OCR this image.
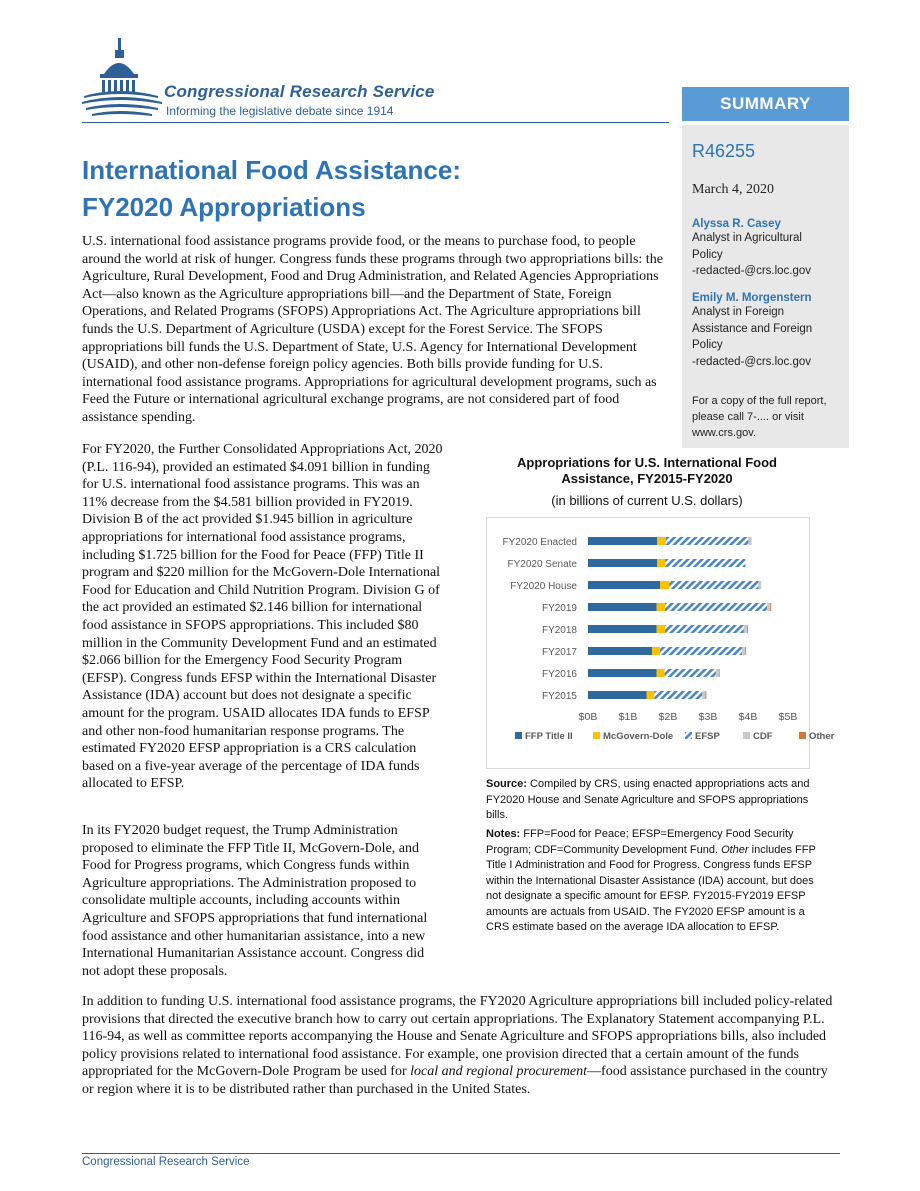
Congressional Research Service
Informing the legislative debate since 1914	SUMMARY
R46255
March 4, 2020
Alyssa R. Casey
Analyst in Agricultural
Policy
-redacted-@crs.loc.gov
Emily M. Morgenstern
Analyst in Foreign
Assistance and Foreign
Policy
-redacted-@crs.loc.gov
For a copy of the full report, please call 7-.... or visit www.crs.gov.
International Food Assistance:
FY2020 Appropriations
U.S. international food assistance programs provide food, or the means to purchase food, to people around the world at risk of hunger. Congress funds these programs through two appropriations bills: the Agriculture, Rural Development, Food and Drug Administration, and Related Agencies Appropriations Act—also known as the Agriculture appropriations bill—and the Department of State, Foreign Operations, and Related Programs (SFOPS) Appropriations Act. The Agriculture appropriations bill funds the U.S. Department of Agriculture (USDA) except for the Forest Service. The SFOPS appropriations bill funds the U.S. Department of State, U.S. Agency for International Development (USAID), and other non-defense foreign policy agencies. Both bills provide funding for U.S. international food assistance programs. Appropriations for agricultural development programs, such as Feed the Future or international agricultural exchange programs, are not considered part of food assistance spending.
For FY2020, the Further Consolidated Appropriations Act, 2020 (P.L. 116-94), provided an estimated $4.091 billion in funding for U.S. international food assistance programs. This was an 11% decrease from the $4.581 billion provided in FY2019. Division B of the act provided $1.945 billion in agriculture appropriations for international food assistance programs, including $1.725 billion for the Food for Peace (FFP) Title II program and $220 million for the McGovern-Dole International Food for Education and Child Nutrition Program. Division G of the act provided an estimated $2.146 billion for international food assistance in SFOPS appropriations. This included $80 million in the Community Development Fund and an estimated $2.066 billion for the Emergency Food Security Program (EFSP). Congress funds EFSP within the International Disaster Assistance (IDA) account but does not designate a specific amount for the program. USAID allocates IDA funds to EFSP and other non-food humanitarian response programs. The estimated FY2020 EFSP appropriation is a CRS calculation based on a five-year average of the percentage of IDA funds allocated to EFSP.
In its FY2020 budget request, the Trump Administration proposed to eliminate the FFP Title II, McGovern-Dole, and Food for Progress programs, which Congress funds within Agriculture appropriations. The Administration proposed to consolidate multiple accounts, including accounts within Agriculture and SFOPS appropriations that fund international food assistance and other humanitarian assistance, into a new International Humanitarian Assistance account. Congress did not adopt these proposals.
In addition to funding U.S. international food assistance programs, the FY2020 Agriculture appropriations bill included policy-related provisions that directed the executive branch how to carry out certain appropriations. The Explanatory Statement accompanying P.L. 116-94, as well as committee reports accompanying the House and Senate Agriculture and SFOPS appropriations bills, also included policy provisions related to international food assistance. For example, one provision directed that a certain amount of the funds appropriated for the McGovern-Dole Program be used for local and regional procurement—food assistance purchased in the country or region where it is to be distributed rather than purchased in the United States.
Appropriations for U.S. International Food Assistance, FY2015-FY2020
(in billions of current U.S. dollars)
FY2020 Enacted
FY2020 Senate
FY2020 House
FY2019
FY2018
FY2017
FY2016
FY2015
$0B $1B $2B $3B $4B $5B
FFP Title II	McGovern-Dole EFSP	CDF	Other
Source: Compiled by CRS, using enacted appropriations acts and FY2020 House and Senate Agriculture and SFOPS appropriations bills.
Notes: FFP=Food for Peace; EFSP=Emergency Food Security Program; CDF=Community Development Fund. Other includes FFP Title I Administration and Food for Progress. Congress funds EFSP within the International Disaster Assistance (IDA) account, but does not designate a specific amount for EFSP. FY2015-FY2019 EFSP amounts are actuals from USAID. The FY2020 EFSP amount is a CRS estimate based on the average IDA allocation to EFSP.
Congressional Research Service
